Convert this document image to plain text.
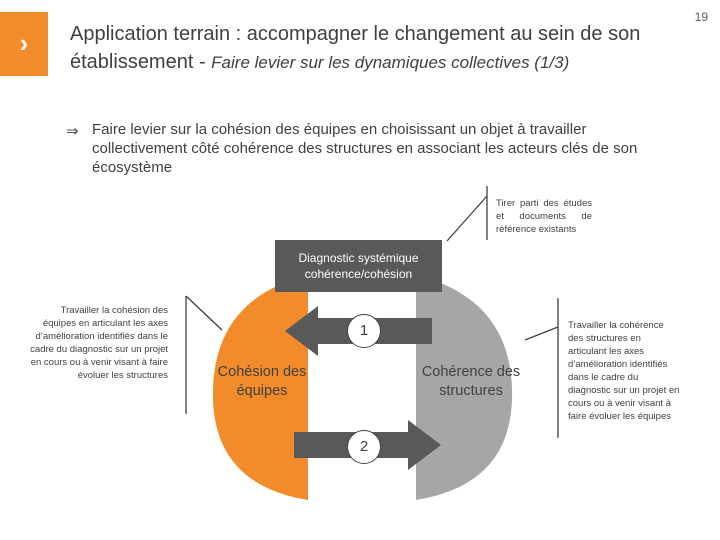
›	Application terrain : accompagner le changement au sein de son établissement - Faire levier sur les dynamiques collectives (1/3)
19
⇒ Faire levier sur la cohésion des équipes en choisissant un objet à travailler collectivement côté cohérence des structures en associant les acteurs clés de son écosystème
Diagnostic systémique cohérence/cohésion
1
2
Cohésion des équipes
Cohérence des structures
Tirer parti des études et documents de référence existants
Travailler la cohésion des équipes en articulant les axes d’amélioration identifiés dans le cadre du diagnostic sur un projet en cours ou à venir visant à faire évoluer les structures
Travailler la cohérence des structures en articulant les axes d’amélioration identifiés dans le cadre du diagnostic sur un projet en cours ou à venir visant à faire évoluer les équipes
